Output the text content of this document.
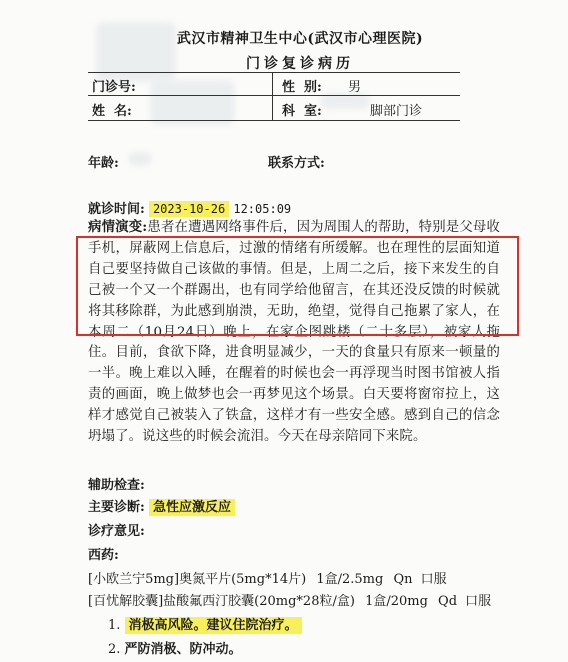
武汉市精神卫生中心(武汉市心理医院)
门诊复诊病历
门诊号:	性  别: 男
姓  名:	科  室:	脚部门诊
年龄:	联系方式:
就诊时间: 2023-10-26 12:05:09
病情演变:患者在遭遇网络事件后，因为周围人的帮助，特别是父母收手机，屏蔽网上信息后，过激的情绪有所缓解。也在理性的层面知道自己要坚持做自己该做的事情。但是，上周二之后，接下来发生的自己被一个又一个群踢出，也有同学给他留言，在其还没反馈的时候就将其移除群，为此感到崩溃，无助，绝望，觉得自己拖累了家人，在本周二（10月24日）晚上，在家企图跳楼（二十多层），被家人拖住。目前，食欲下降，进食明显减少，一天的食量只有原来一顿量的一半。晚上难以入睡，在醒着的时候也会一再浮现当时图书馆被人指责的画面，晚上做梦也会一再梦见这个场景。白天要将窗帘拉上，这样才感觉自己被装入了铁盒，这样才有一些安全感。感到自己的信念坍塌了。说这些的时候会流泪。今天在母亲陪同下来院。
辅助检查:
主要诊断: 急性应激反应
诊疗意见:
西药:
[小欧兰宁5mg]奥氮平片(5mg*14片) 1盒/2.5mg Qn 口服
[百忧解胶囊]盐酸氟西汀胶囊(20mg*28粒/盒) 1盒/20mg Qd 口服
1. 消极高风险。建议住院治疗。
2. 严防消极、防冲动。
